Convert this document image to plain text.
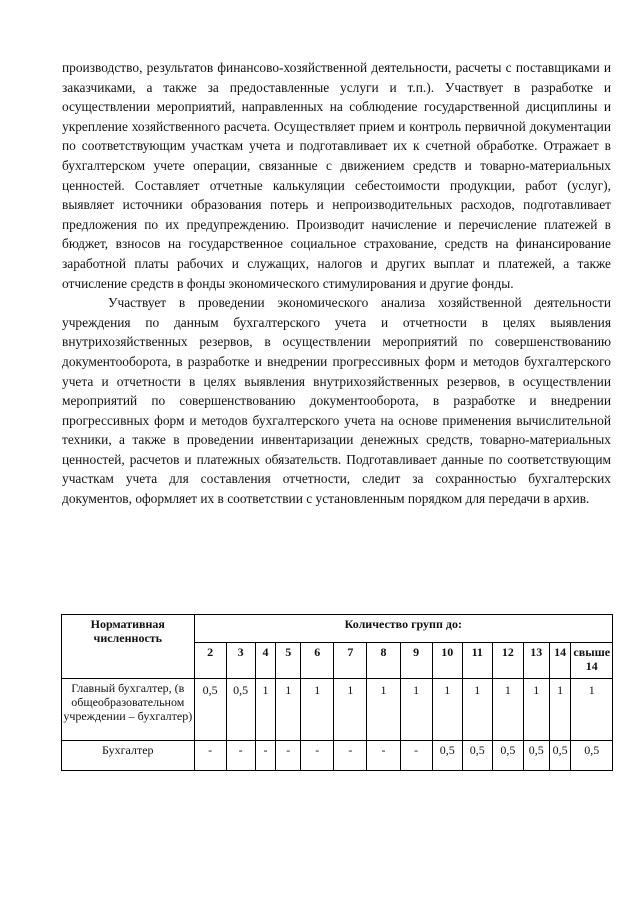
производство, результатов финансово-хозяйственной деятельности, расчеты с поставщиками и заказчиками, а также за предоставленные услуги и т.п.). Участвует в разработке и осуществлении мероприятий, направленных на соблюдение государственной дисциплины и укрепление хозяйственного расчета. Осуществляет прием и контроль первичной документации по соответствующим участкам учета и подготавливает их к счетной обработке. Отражает в бухгалтерском учете операции, связанные с движением средств и товарно-материальных ценностей. Составляет отчетные калькуляции себестоимости продукции, работ (услуг), выявляет источники образования потерь и непроизводительных расходов, подготавливает предложения по их предупреждению. Производит начисление и перечисление платежей в бюджет, взносов на государственное социальное страхование, средств на финансирование заработной платы рабочих и служащих, налогов и других выплат и платежей, а также отчисление средств в фонды экономического стимулирования и другие фонды.

Участвует в проведении экономического анализа хозяйственной деятельности учреждения по данным бухгалтерского учета и отчетности в целях выявления внутрихозяйственных резервов, в осуществлении мероприятий по совершенствованию документооборота, в разработке и внедрении прогрессивных форм и методов бухгалтерского учета и отчетности в целях выявления внутрихозяйственных резервов, в осуществлении мероприятий по совершенствованию документооборота, в разработке и внедрении прогрессивных форм и методов бухгалтерского учета на основе применения вычислительной техники, а также в проведении инвентаризации денежных средств, товарно-материальных ценностей, расчетов и платежных обязательств. Подготавливает данные по соответствующим участкам учета для составления отчетности, следит за сохранностью бухгалтерских документов, оформляет их в соответствии с установленным порядком для передачи в архив.

Нормативная численность	Количество групп до:													
	2	3	4	5	6	7	8	9	10	11	12	13	14	свыше 14
Главный бухгалтер, (в общеобразовательном учреждении – бухгалтер)	0,5	0,5	1	1	1	1	1	1	1	1	1	1	1	1
Бухгалтер	-	-	-	-	-	-	-	-	0,5	0,5	0,5	0,5	0,5	0,5
